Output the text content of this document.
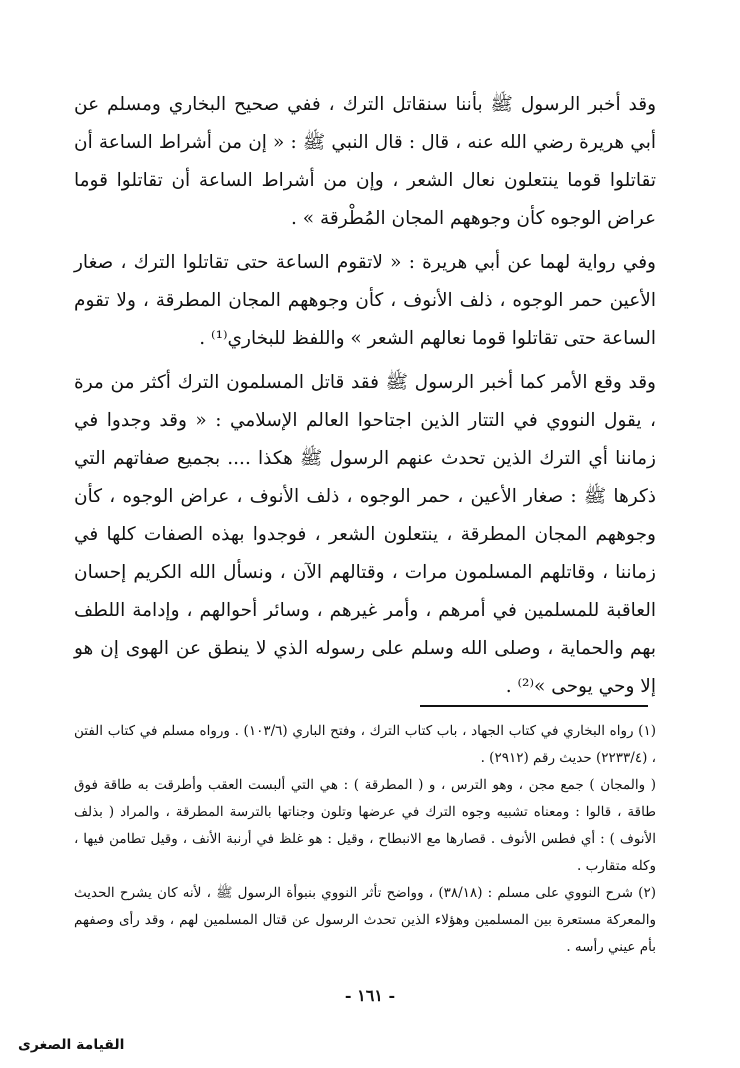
وقد أخبر الرسول ﷺ بأننا سنقاتل الترك ، ففي صحيح البخاري ومسلم عن أبي هريرة رضي الله عنه ، قال : قال النبي ﷺ : « إن من أشراط الساعة أن تقاتلوا قوما ينتعلون نعال الشعر ، وإن من أشراط الساعة أن تقاتلوا قوما عراض الوجوه كأن وجوههم المجان المُطْرقة » .

وفي رواية لهما عن أبي هريرة : « لاتقوم الساعة حتى تقاتلوا الترك ، صغار الأعين حمر الوجوه ، ذلف الأنوف ، كأن وجوههم المجان المطرقة ، ولا تقوم الساعة حتى تقاتلوا قوما نعالهم الشعر » واللفظ للبخاري⁽¹⁾ .

وقد وقع الأمر كما أخبر الرسول ﷺ فقد قاتل المسلمون الترك أكثر من مرة ، يقول النووي في التتار الذين اجتاحوا العالم الإسلامي : « وقد وجدوا في زماننا أي الترك الذين تحدث عنهم الرسول ﷺ هكذا .... بجميع صفاتهم التي ذكرها ﷺ : صغار الأعين ، حمر الوجوه ، ذلف الأنوف ، عراض الوجوه ، كأن وجوههم المجان المطرقة ، ينتعلون الشعر ، فوجدوا بهذه الصفات كلها في زماننا ، وقاتلهم المسلمون مرات ، وقتالهم الآن ، ونسأل الله الكريم إحسان العاقبة للمسلمين في أمرهم ، وأمر غيرهم ، وسائر أحوالهم ، وإدامة اللطف بهم والحماية ، وصلى الله وسلم على رسوله الذي لا ينطق عن الهوى إن هو إلا وحي يوحى »⁽²⁾ .

(١) رواه البخاري في كتاب الجهاد ، باب كتاب الترك ، وفتح الباري (١٠٣/٦) . ورواه مسلم في كتاب الفتن ، (٢٢٣٣/٤) حديث رقم (٢٩١٢) .

( والمجان ) جمع مجن ، وهو الترس ، و ( المطرقة ) : هي التي ألبست العقب وأطرقت به طاقة فوق طاقة ، قالوا : ومعناه تشبيه وجوه الترك في عرضها وتلون وجناتها بالترسة المطرقة ، والمراد ( بذلف الأنوف ) : أي فطس الأنوف . قصارها مع الانبطاح ، وقيل : هو غلظ في أرنبة الأنف ، وقيل تطامن فيها ، وكله متقارب .

(٢) شرح النووي على مسلم : (٣٨/١٨) ، وواضح تأثر النووي بنبوأة الرسول ﷺ ، لأنه كان يشرح الحديث والمعركة مستعرة بين المسلمين وهؤلاء الذين تحدث الرسول عن قتال المسلمين لهم ، وقد رأى وصفهم بأم عيني رأسه .

- ١٦١ -
القيامة الصغرى
